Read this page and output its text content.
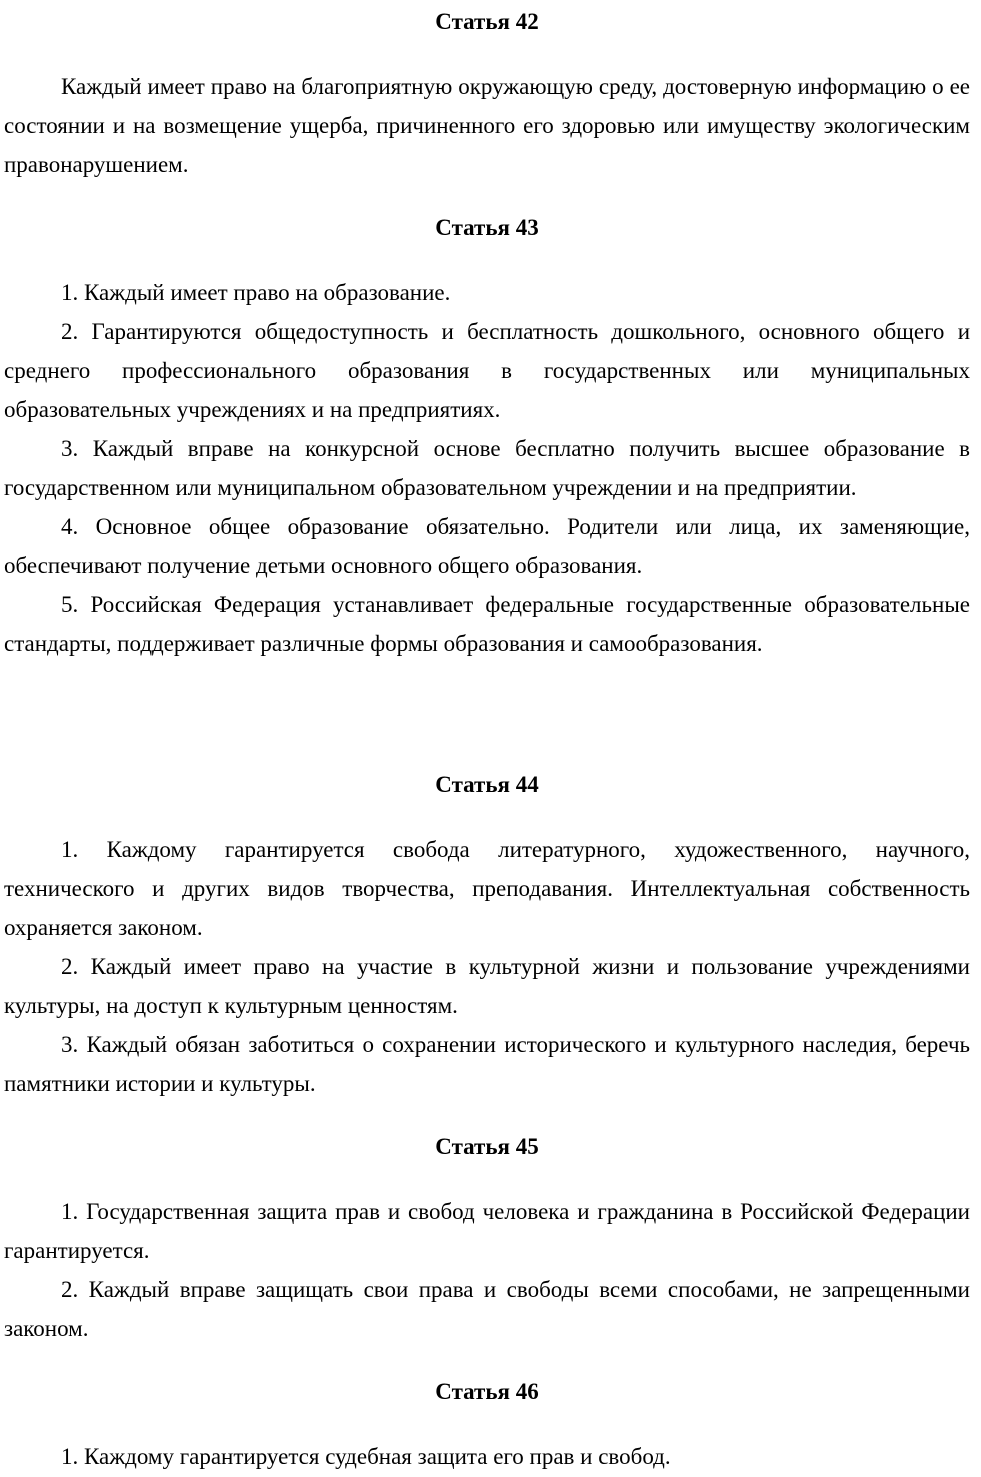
Статья 42

Каждый имеет право на благоприятную окружающую среду, достоверную информацию о ее состоянии и на возмещение ущерба, причиненного его здоровью или имуществу экологическим правонарушением.

Статья 43

1. Каждый имеет право на образование.

2. Гарантируются общедоступность и бесплатность дошкольного, основного общего и среднего профессионального образования в государственных или муниципальных образовательных учреждениях и на предприятиях.

3. Каждый вправе на конкурсной основе бесплатно получить высшее образование в государственном или муниципальном образовательном учреждении и на предприятии.

4. Основное общее образование обязательно. Родители или лица, их заменяющие, обеспечивают получение детьми основного общего образования.

5. Российская Федерация устанавливает федеральные государственные образовательные стандарты, поддерживает различные формы образования и самообразования.

Статья 44

1. Каждому гарантируется свобода литературного, художественного, научного, технического и других видов творчества, преподавания. Интеллектуальная собственность охраняется законом.

2. Каждый имеет право на участие в культурной жизни и пользование учреждениями культуры, на доступ к культурным ценностям.

3. Каждый обязан заботиться о сохранении исторического и культурного наследия, беречь памятники истории и культуры.

Статья 45

1. Государственная защита прав и свобод человека и гражданина в Российской Федерации гарантируется.

2. Каждый вправе защищать свои права и свободы всеми способами, не запрещенными законом.

Статья 46

1. Каждому гарантируется судебная защита его прав и свобод.
